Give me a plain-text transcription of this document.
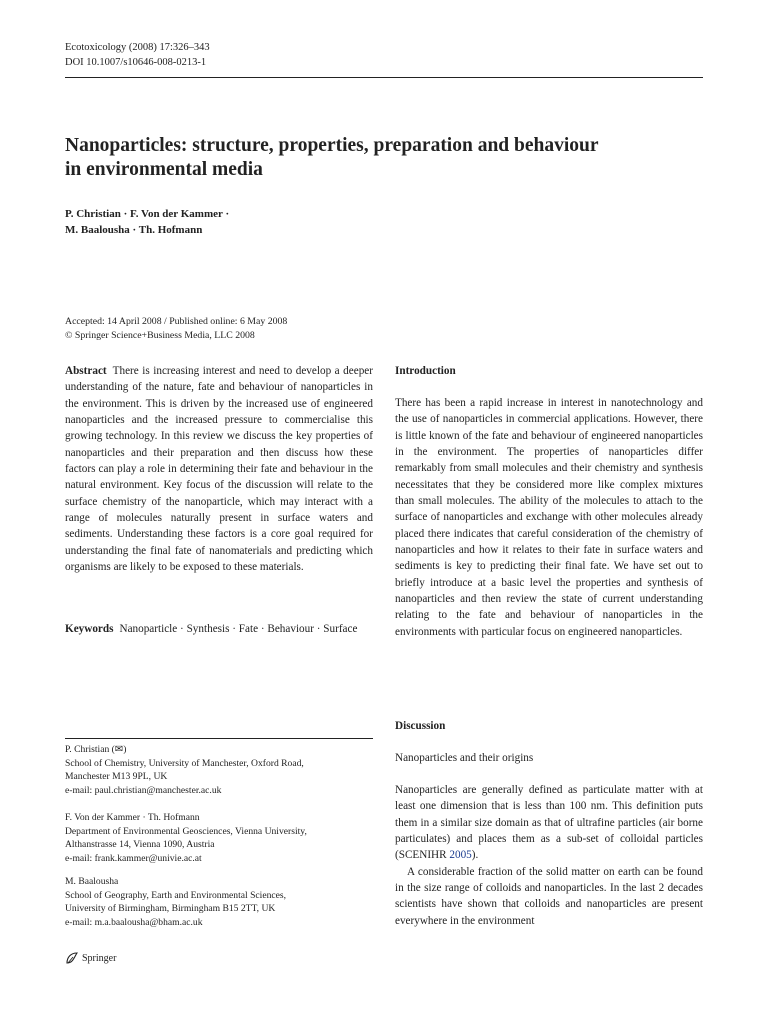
Ecotoxicology (2008) 17:326–343
DOI 10.1007/s10646-008-0213-1
Nanoparticles: structure, properties, preparation and behaviour
in environmental media
P. Christian · F. Von der Kammer ·
M. Baalousha · Th. Hofmann
Accepted: 14 April 2008 / Published online: 6 May 2008
© Springer Science+Business Media, LLC 2008
Abstract There is increasing interest and need to develop a deeper understanding of the nature, fate and behaviour of nanoparticles in the environment. This is driven by the increased use of engineered nanoparticles and the increased pressure to commercialise this growing technology. In this review we discuss the key properties of nanoparticles and their preparation and then discuss how these factors can play a role in determining their fate and behaviour in the natural environment. Key focus of the discussion will relate to the surface chemistry of the nanoparticle, which may interact with a range of molecules naturally present in surface waters and sediments. Understanding these factors is a core goal required for understanding the final fate of nanomaterials and predicting which organisms are likely to be exposed to these materials.
Keywords Nanoparticle · Synthesis · Fate · Behaviour · Surface
P. Christian (✉)
School of Chemistry, University of Manchester, Oxford Road,
Manchester M13 9PL, UK
e-mail: paul.christian@manchester.ac.uk
F. Von der Kammer · Th. Hofmann
Department of Environmental Geosciences, Vienna University,
Althanstrasse 14, Vienna 1090, Austria
e-mail: frank.kammer@univie.ac.at
M. Baalousha
School of Geography, Earth and Environmental Sciences,
University of Birmingham, Birmingham B15 2TT, UK
e-mail: m.a.baalousha@bham.ac.uk
Introduction
There has been a rapid increase in interest in nanotechnology and the use of nanoparticles in commercial applications. However, there is little known of the fate and behaviour of engineered nanoparticles in the environment. The properties of nanoparticles differ remarkably from small molecules and their chemistry and synthesis necessitates that they be considered more like complex mixtures than small molecules. The ability of the molecules to attach to the surface of nanoparticles and exchange with other molecules already placed there indicates that careful consideration of the chemistry of nanoparticles and how it relates to their fate in surface waters and sediments is key to predicting their final fate. We have set out to briefly introduce at a basic level the properties and synthesis of nanoparticles and then review the state of current understanding relating to the fate and behaviour of nanoparticles in the environments with particular focus on engineered nanoparticles.
Discussion
Nanoparticles and their origins
Nanoparticles are generally defined as particulate matter with at least one dimension that is less than 100 nm. This definition puts them in a similar size domain as that of ultrafine particles (air borne particulates) and places them as a sub-set of colloidal particles (SCENIHR 2005).
A considerable fraction of the solid matter on earth can be found in the size range of colloids and nanoparticles. In the last 2 decades scientists have shown that colloids and nanoparticles are present everywhere in the environment
Springer
